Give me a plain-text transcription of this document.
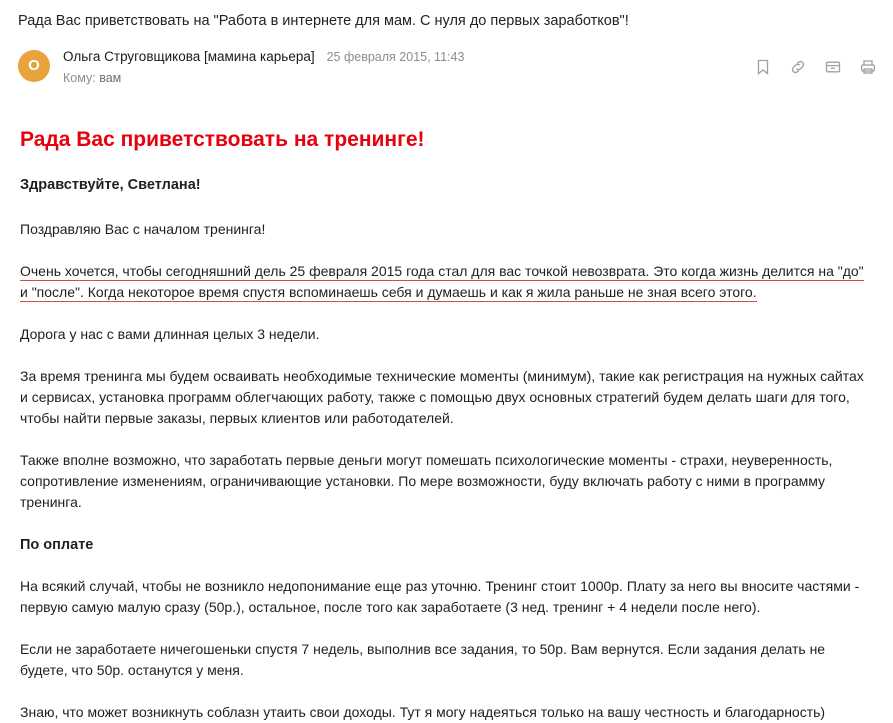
Рада Вас приветствовать на "Работа в интернете для мам. С нуля до первых заработков"!
О
Ольга Струговщикова [мамина карьера] 25 февраля 2015, 11:43
Кому: вам
Рада Вас приветствовать на тренинге!
Здравствуйте, Светлана!
Поздравляю Вас с началом тренинга!
Очень хочется, чтобы сегодняшний дель 25 февраля 2015 года стал для вас точкой невозврата. Это когда жизнь делится на "до" и "после". Когда некоторое время спустя вспоминаешь себя и думаешь и как я жила раньше не зная всего этого.
Дорога у нас с вами длинная целых 3 недели.
За время тренинга мы будем осваивать необходимые технические моменты (минимум), такие как регистрация на нужных сайтах и сервисах, установка программ облегчающих работу, также с помощью двух основных стратегий будем делать шаги для того, чтобы найти первые заказы, первых клиентов или работодателей.
Также вполне возможно, что заработать первые деньги могут помешать психологические моменты - страхи, неуверенность, сопротивление изменениям, ограничивающие установки. По мере возможности, буду включать работу с ними в программу тренинга.
По оплате
На всякий случай, чтобы не возникло недопонимание еще раз уточню. Тренинг стоит 1000р. Плату за него вы вносите частями - первую самую малую сразу (50р.), остальное, после того как заработаете (3 нед. тренинг + 4 недели после него).
Если не заработаете ничегошеньки спустя 7 недель, выполнив все задания, то 50р. Вам вернутся. Если задания делать не будете, что 50р. останутся у меня.
Знаю, что может возникнуть соблазн утаить свои доходы. Тут я могу надеяться только на вашу честность и благодарность)
